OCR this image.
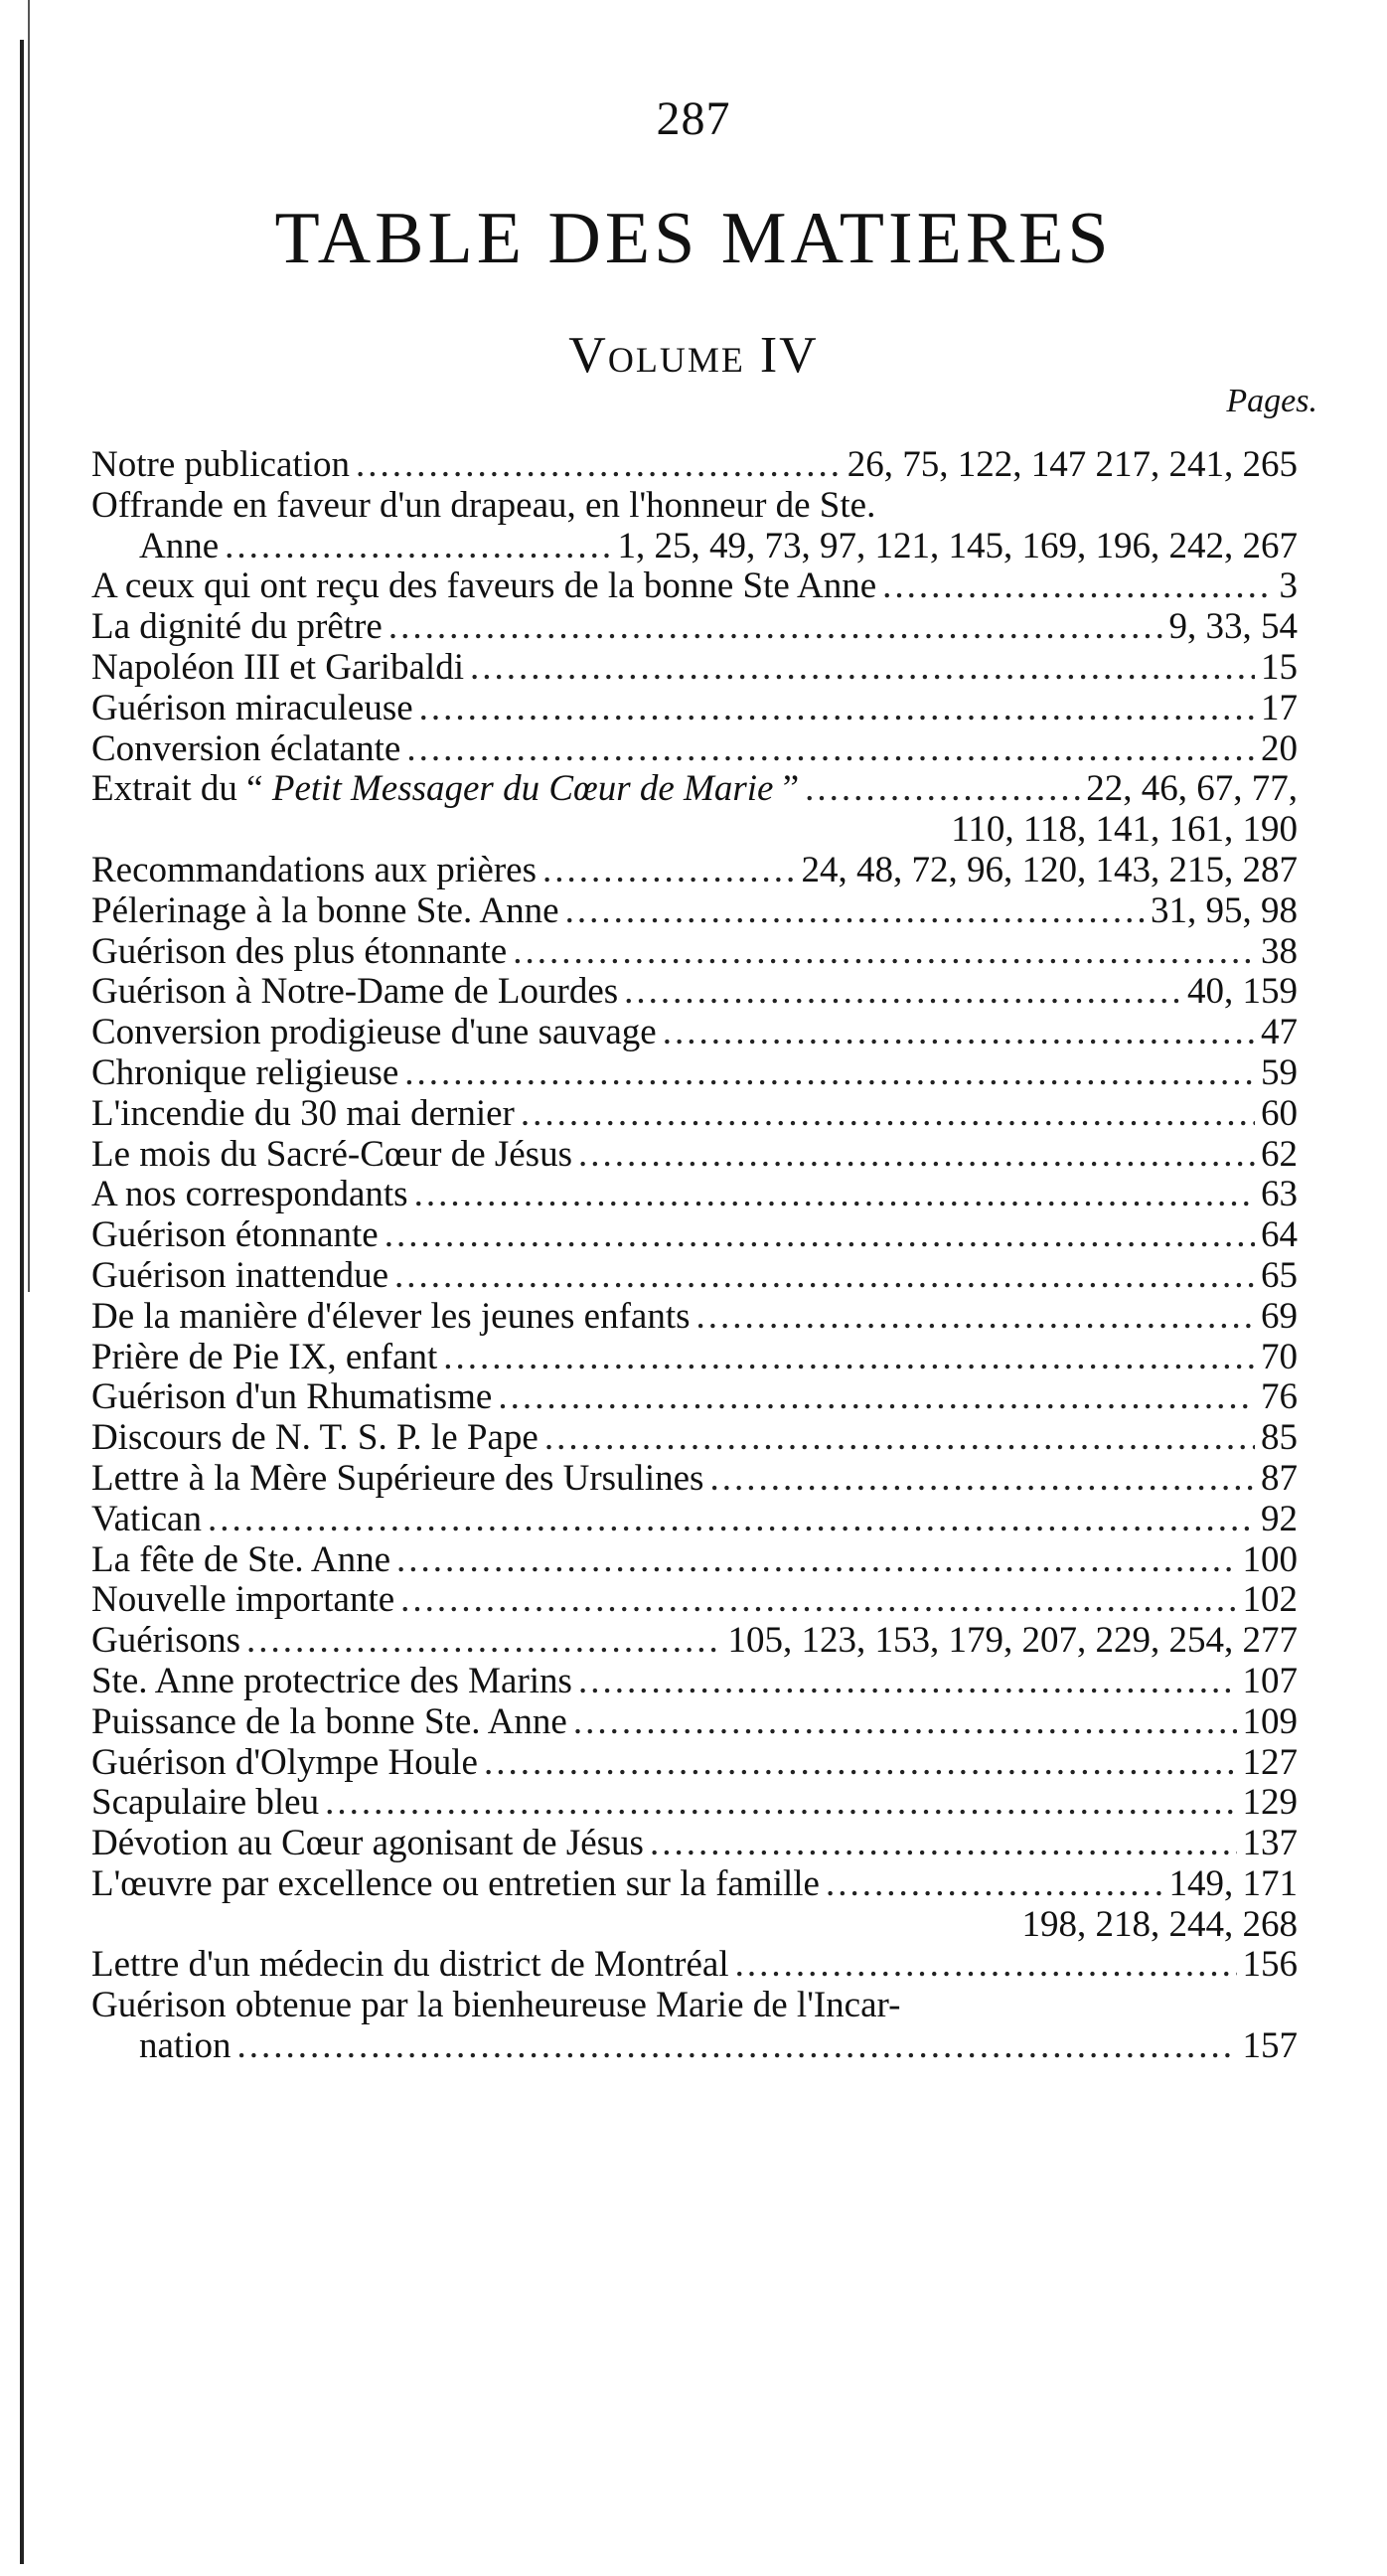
287
TABLE DES MATIERES
Volume IV
Pages.
Notre publication .....	26, 75, 122, 147 217, 241, 265
Offrande en faveur d'un drapeau, en l'honneur de Ste.
Anne .....	1, 25, 49, 73, 97, 121, 145, 169, 196, 242, 267
A ceux qui ont reçu des faveurs de la bonne Ste Anne .....	3
La dignité du prêtre .....	9, 33, 54
Napoléon III et Garibaldi .....	15
Guérison miraculeuse .....	17
Conversion éclatante .....	20
Extrait du “ Petit Messager du Cœur de Marie ” .....	22, 46, 67, 77,
110, 118, 141, 161, 190
Recommandations aux prières .....	24, 48, 72, 96, 120, 143, 215, 287
Pélerinage à la bonne Ste. Anne .....	31, 95, 98
Guérison des plus étonnante .....	38
Guérison à Notre-Dame de Lourdes .....	40, 159
Conversion prodigieuse d'une sauvage .....	47
Chronique religieuse .....	59
L'incendie du 30 mai dernier .....	60
Le mois du Sacré-Cœur de Jésus .....	62
A nos correspondants .....	63
Guérison étonnante .....	64
Guérison inattendue .....	65
De la manière d'élever les jeunes enfants .....	69
Prière de Pie IX, enfant .....	70
Guérison d'un Rhumatisme .....	76
Discours de N. T. S. P. le Pape .....	85
Lettre à la Mère Supérieure des Ursulines .....	87
Vatican .....	92
La fête de Ste. Anne .....	100
Nouvelle importante .....	102
Guérisons .....	105, 123, 153, 179, 207, 229, 254, 277
Ste. Anne protectrice des Marins .....	107
Puissance de la bonne Ste. Anne .....	109
Guérison d'Olympe Houle .....	127
Scapulaire bleu .....	129
Dévotion au Cœur agonisant de Jésus .....	137
L'œuvre par excellence ou entretien sur la famille .....	149, 171
198, 218, 244, 268
Lettre d'un médecin du district de Montréal .....	156
Guérison obtenue par la bienheureuse Marie de l'Incar-
nation .....	157
